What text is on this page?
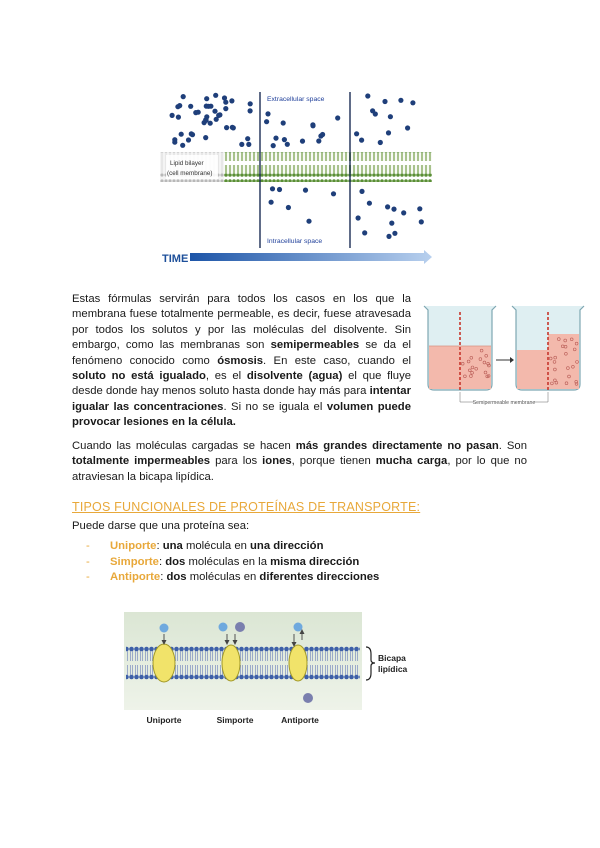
Lipid bilayer
(cell membrane)
Extracellular space
Intracellular space
TIME
Estas fórmulas servirán para todos los casos en los que la membrana fuese totalmente permeable, es decir, fuese atravesada por todos los solutos y por las moléculas del disolvente. Sin embargo, como las membranas son semipermeables se da el fenómeno conocido como ósmosis. En este caso, cuando el soluto no está igualado, es el disolvente (agua) el que fluye desde donde hay menos soluto hasta donde hay más para intentar igualar las concentraciones. Si no se iguala el volumen puede provocar lesiones en la célula.
Semipermeable membrane
Cuando las moléculas cargadas se hacen más grandes directamente no pasan. Son totalmente impermeables para los iones, porque tienen mucha carga, por lo que no atraviesan la bicapa lipídica.
TIPOS FUNCIONALES DE PROTEÍNAS DE TRANSPORTE:
Puede darse que una proteína sea:
- Uniporte: una molécula en una dirección
- Simporte: dos moléculas en la misma dirección
- Antiporte: dos moléculas en diferentes direcciones
Bicapa
lipídica
Uniporte	Simporte	Antiporte
